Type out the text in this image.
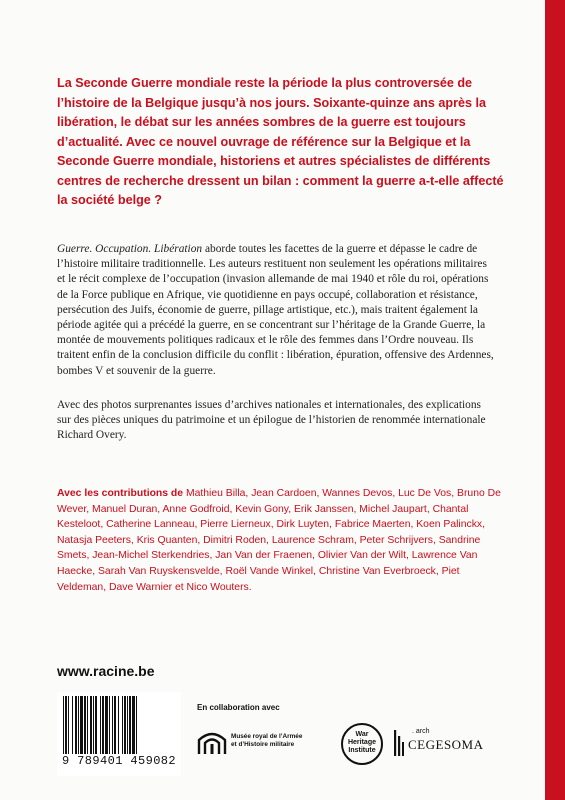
La Seconde Guerre mondiale reste la période la plus controversée de l’histoire de la Belgique jusqu’à nos jours. Soixante-quinze ans après la libération, le débat sur les années sombres de la guerre est toujours d’actualité. Avec ce nouvel ouvrage de référence sur la Belgique et la Seconde Guerre mondiale, historiens et autres spécialistes de différents centres de recherche dressent un bilan : comment la guerre a-t-elle affecté la société belge ?

Guerre. Occupation. Libération aborde toutes les facettes de la guerre et dépasse le cadre de l’histoire militaire traditionnelle. Les auteurs restituent non seulement les opérations militaires et le récit complexe de l’occupation (invasion allemande de mai 1940 et rôle du roi, opérations de la Force publique en Afrique, vie quotidienne en pays occupé, collaboration et résistance, persécution des Juifs, économie de guerre, pillage artistique, etc.), mais traitent également la période agitée qui a précédé la guerre, en se concentrant sur l’héritage de la Grande Guerre, la montée de mouvements politiques radicaux et le rôle des femmes dans l’Ordre nouveau. Ils traitent enfin de la conclusion difficile du conflit : libération, épuration, offensive des Ardennes, bombes V et souvenir de la guerre.

Avec des photos surprenantes issues d’archives nationales et internationales, des explications sur des pièces uniques du patrimoine et un épilogue de l’historien de renommée internationale Richard Overy.

Avec les contributions de Mathieu Billa, Jean Cardoen, Wannes Devos, Luc De Vos, Bruno De Wever, Manuel Duran, Anne Godfroid, Kevin Gony, Erik Janssen, Michel Jaupart, Chantal Kesteloot, Catherine Lanneau, Pierre Lierneux, Dirk Luyten, Fabrice Maerten, Koen Palinckx, Natasja Peeters, Kris Quanten, Dimitri Roden, Laurence Schram, Peter Schrijvers, Sandrine Smets, Jean-Michel Sterkendries, Jan Van der Fraenen, Olivier Van der Wilt, Lawrence Van Haecke, Sarah Van Ruyskensvelde, Roël Vande Winkel, Christine Van Everbroeck, Piet Veldeman, Dave Warnier et Nico Wouters.

www.racine.be
9 789401 459082
En collaboration avec
Musée royal de l’Armée
et d’Histoire militaire
War
Heritage
Institute
. arch
CEGESOMA
